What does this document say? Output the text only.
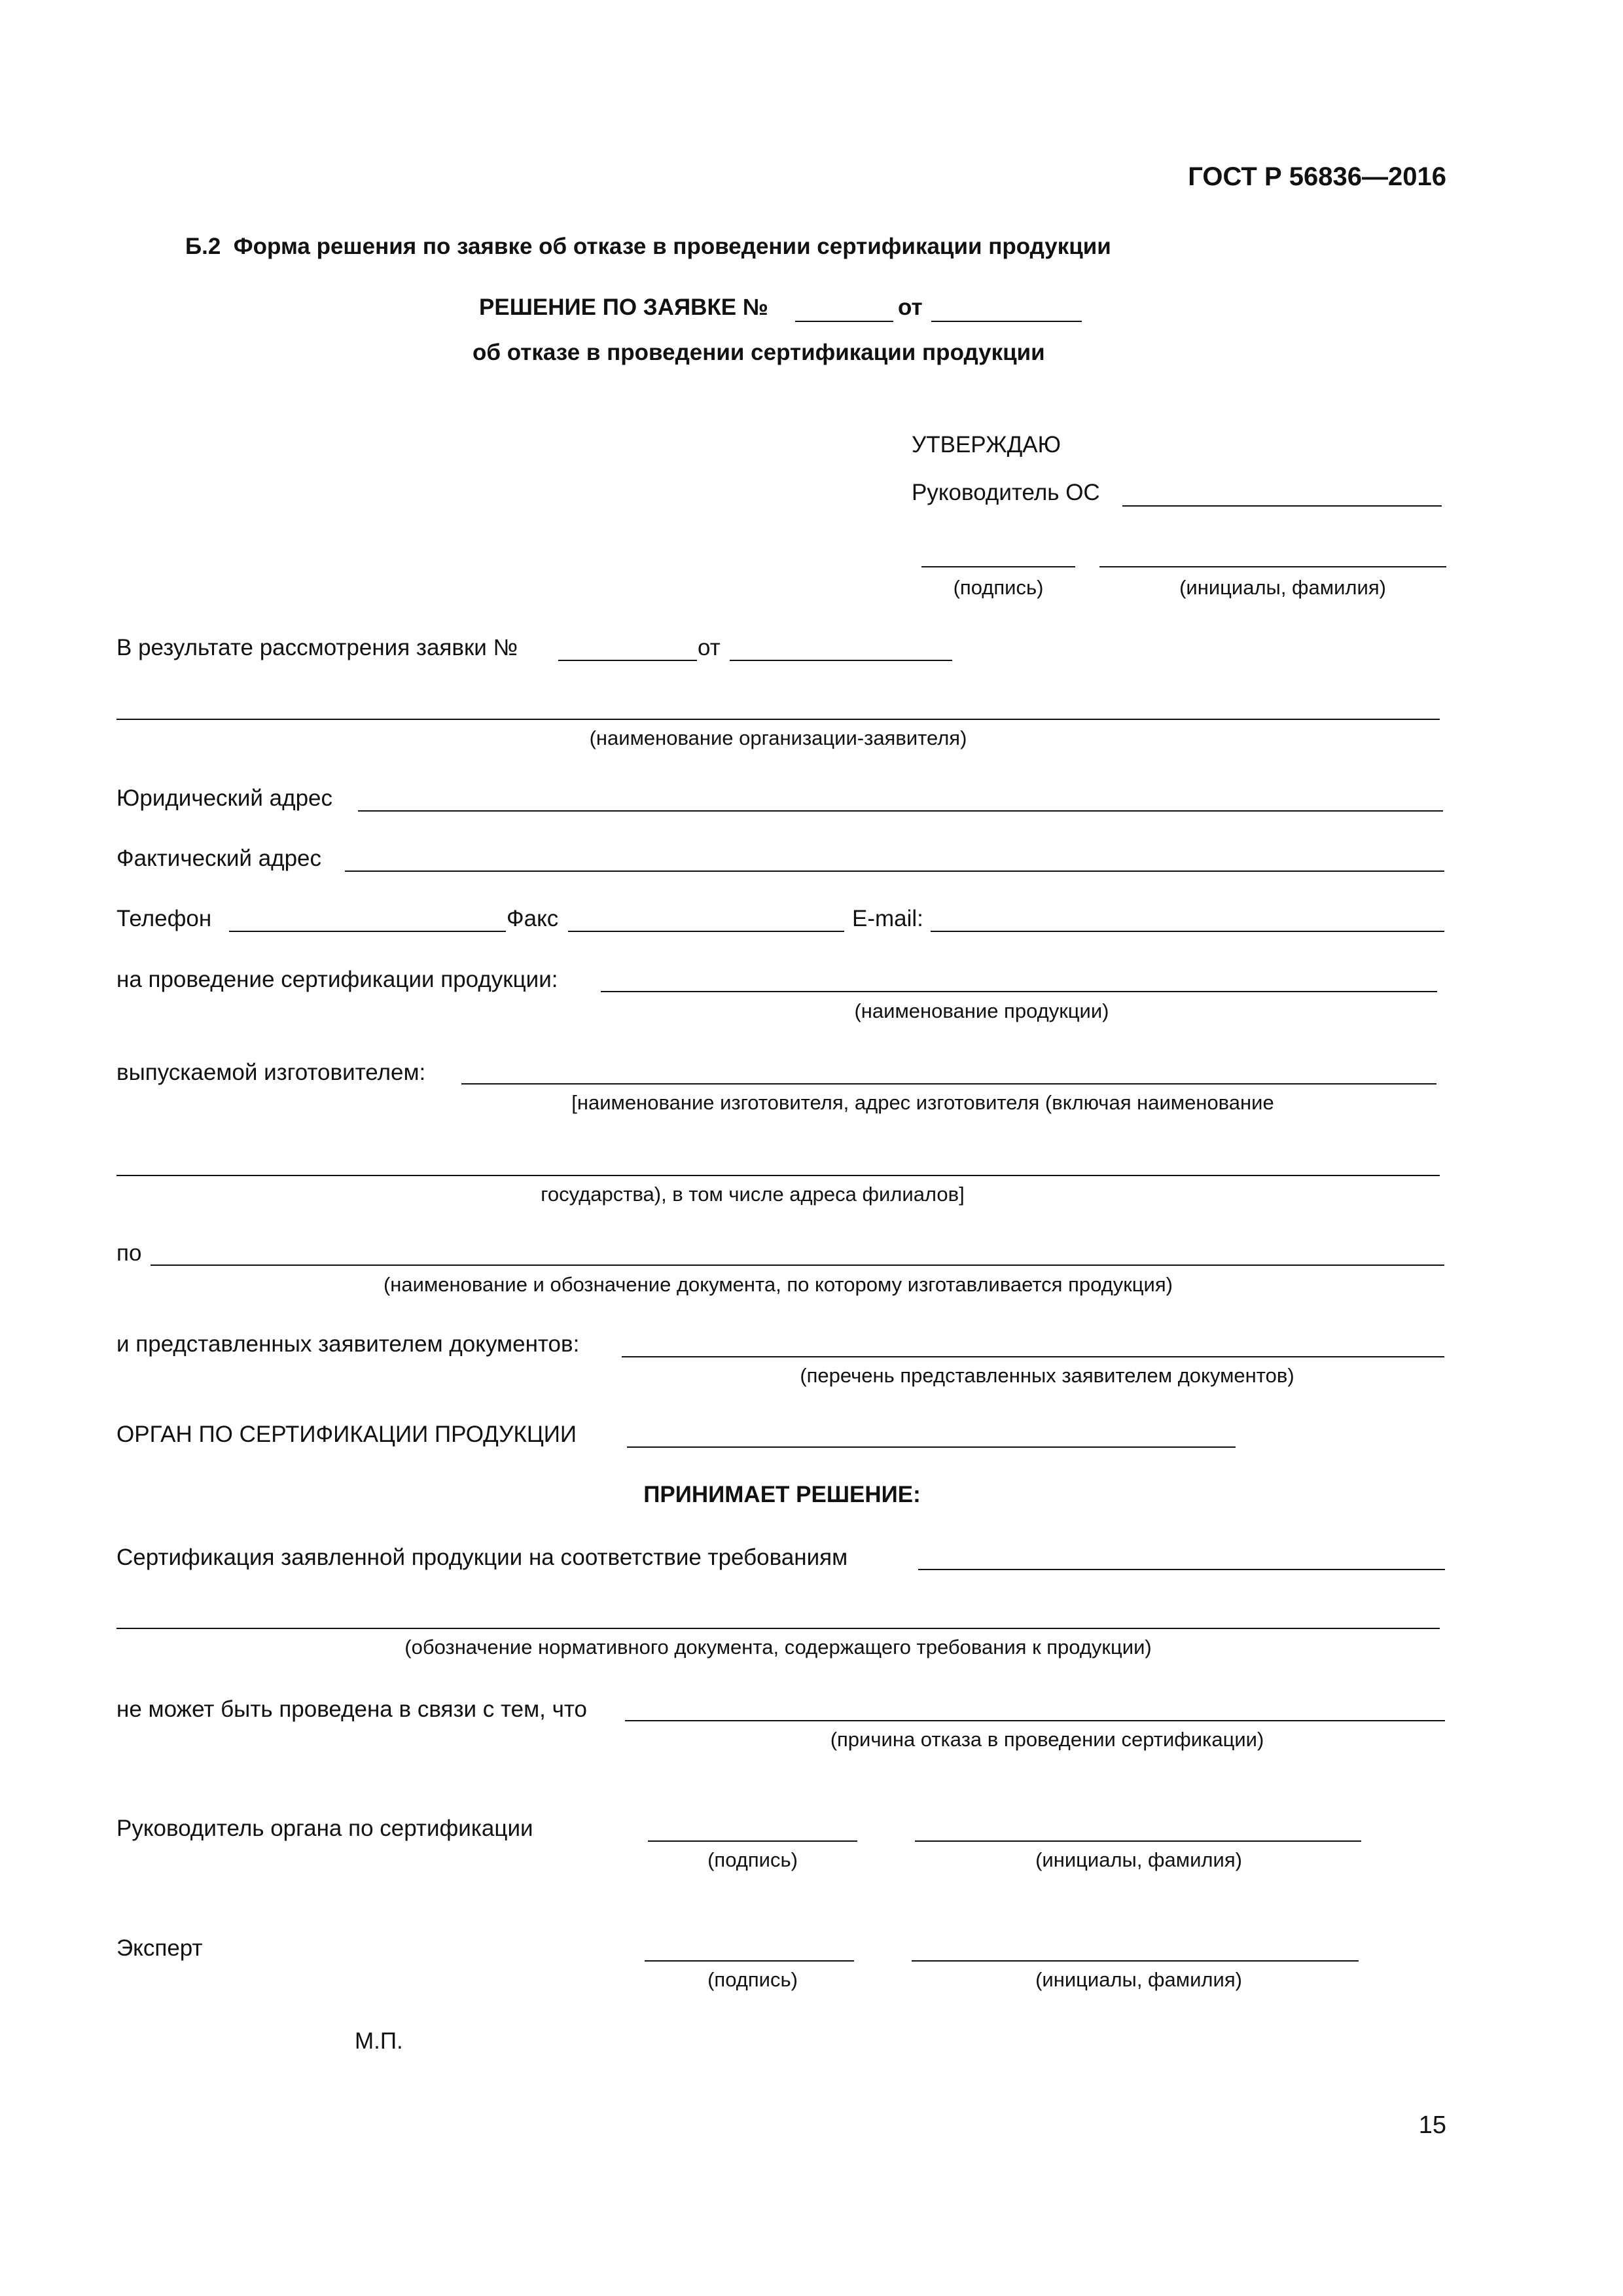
ГОСТ Р 56836—2016
Б.2  Форма решения по заявке об отказе в проведении сертификации продукции
РЕШЕНИЕ ПО ЗАЯВКЕ №	от
об отказе в проведении сертификации продукции
УТВЕРЖДАЮ
Руководитель ОС
(подпись)	(инициалы, фамилия)
В результате рассмотрения заявки №	от
(наименование организации-заявителя)
Юридический адрес
Фактический адрес
Телефон	Факс	E-mail:
на проведение сертификации продукции:
(наименование продукции)
выпускаемой изготовителем:
[наименование изготовителя, адрес изготовителя (включая наименование
государства), в том числе адреса филиалов]
по
(наименование и обозначение документа, по которому изготавливается продукция)
и представленных заявителем документов:
(перечень представленных заявителем документов)
ОРГАН ПО СЕРТИФИКАЦИИ ПРОДУКЦИИ
ПРИНИМАЕТ РЕШЕНИЕ:
Сертификация заявленной продукции на соответствие требованиям
(обозначение нормативного документа, содержащего требования к продукции)
не может быть проведена в связи с тем, что
(причина отказа в проведении сертификации)
Руководитель органа по сертификации
(подпись)	(инициалы, фамилия)
Эксперт
(подпись)	(инициалы, фамилия)
М.П.
15
